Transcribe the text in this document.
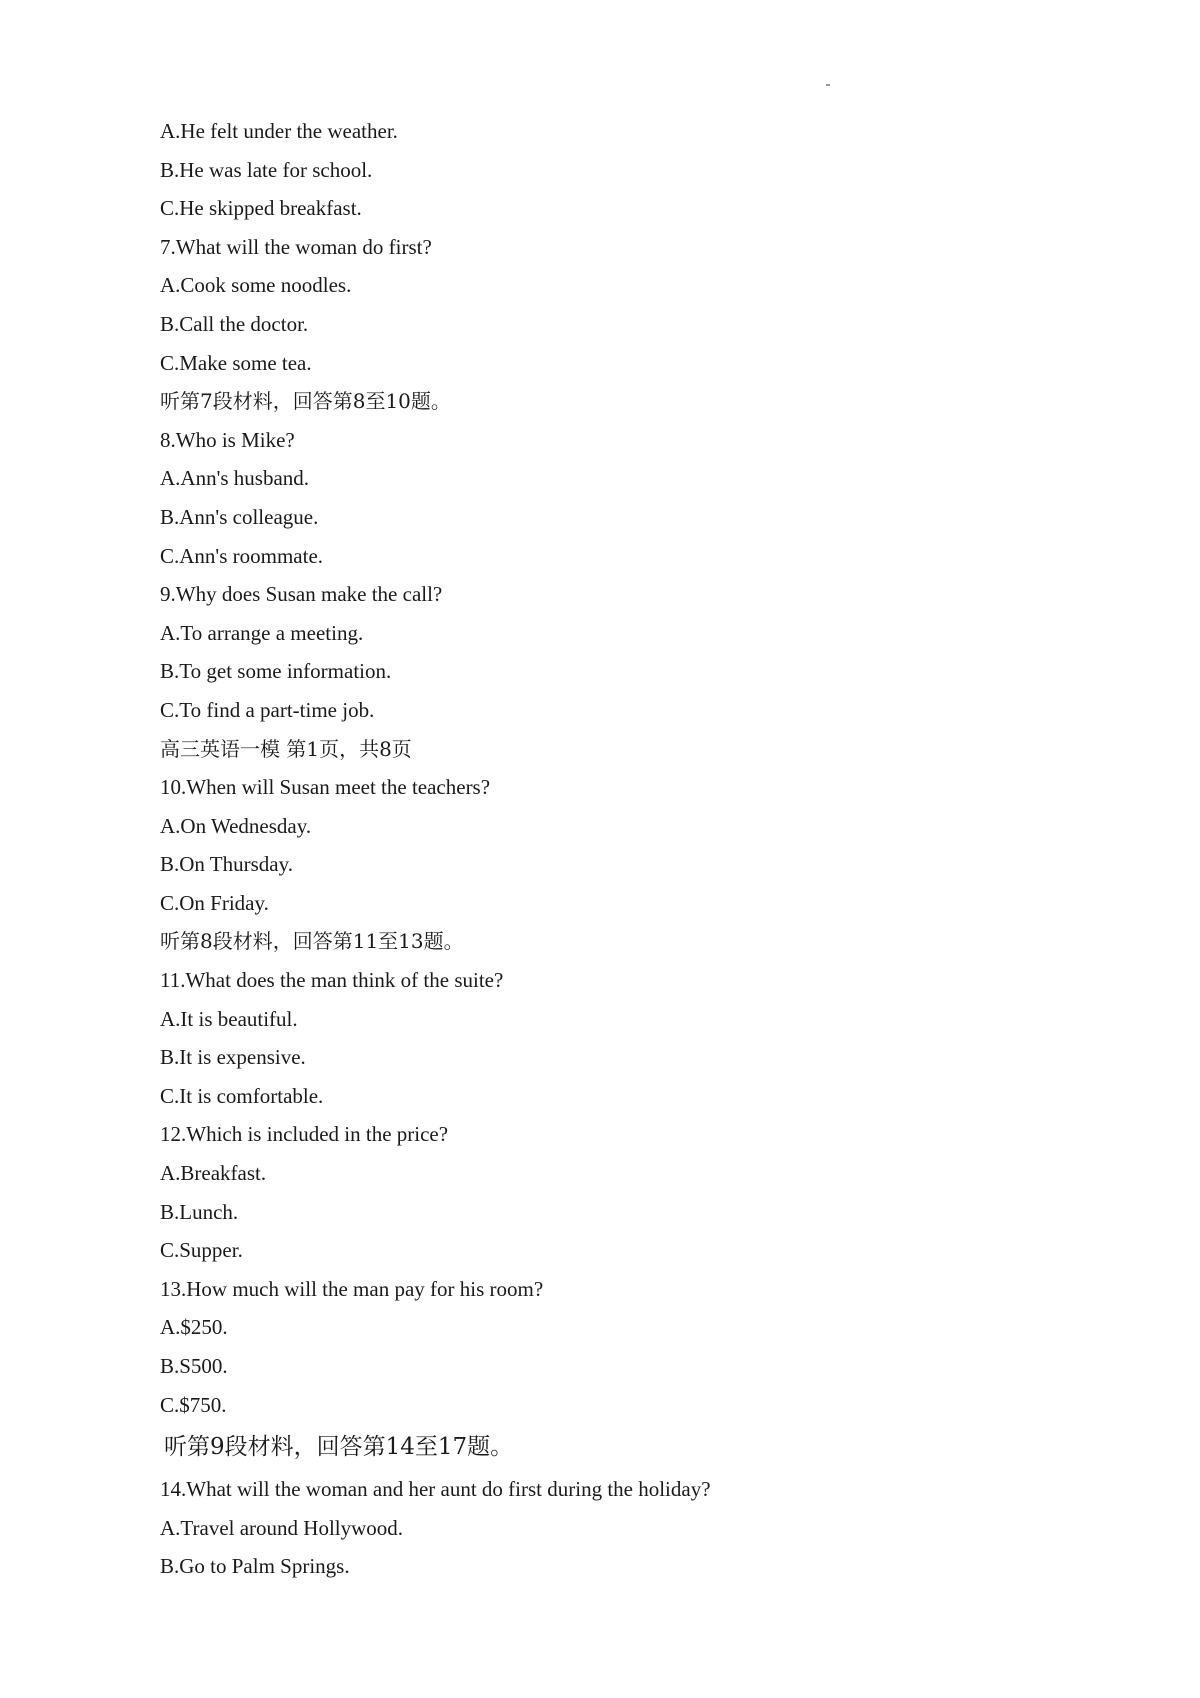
A.He felt under the weather.
B.He was late for school.
C.He skipped breakfast.
7.What will the woman do first?
A.Cook some noodles.
B.Call the doctor.
C.Make some tea.
听第7段材料，回答第8至10题。
8.Who is Mike?
A.Ann's husband.
B.Ann's colleague.
C.Ann's roommate.
9.Why does Susan make the call?
A.To arrange a meeting.
B.To get some information.
C.To find a part-time job.
高三英语一模 第1页，共8页
10.When will Susan meet the teachers?
A.On Wednesday.
B.On Thursday.
C.On Friday.
听第8段材料，回答第11至13题。
11.What does the man think of the suite?
A.It is beautiful.
B.It is expensive.
C.It is comfortable.
12.Which is included in the price?
A.Breakfast.
B.Lunch.
C.Supper.
13.How much will the man pay for his room?
A.$250.
B.S500.
C.$750.
听第9段材料，回答第14至17题。
14.What will the woman and her aunt do first during the holiday?
A.Travel around Hollywood.
B.Go to Palm Springs.
